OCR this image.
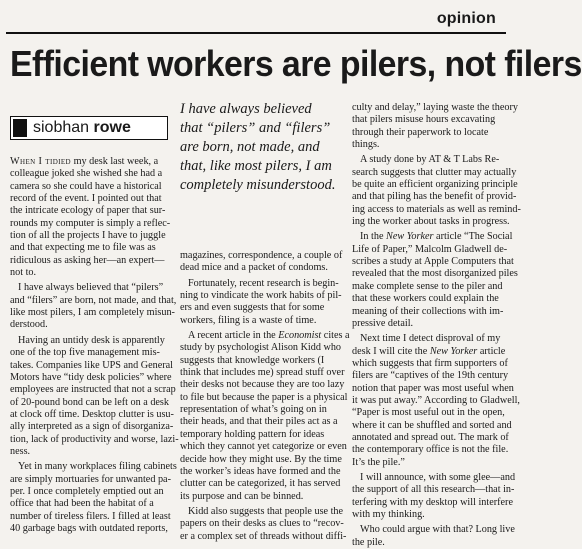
opinion
Efficient workers are pilers, not filers
siobhan rowe
I have always believed
that “pilers” and “filers”
are born, not made, and
that, like most pilers, I am
completely misunderstood.
When I tidied my desk last week, a
colleague joked she wished she had a
camera so she could have a historical
record of the event. I pointed out that
the intricate ecology of paper that sur-
rounds my computer is simply a reflec-
tion of all the projects I have to juggle
and that expecting me to file was as
ridiculous as asking her—an expert—
not to.
I have always believed that “pilers”
and “filers” are born, not made, and that,
like most pilers, I am completely misun-
derstood.
Having an untidy desk is apparently
one of the top five management mis-
takes. Companies like UPS and General
Motors have “tidy desk policies” where
employees are instructed that not a scrap
of 20-pound bond can be left on a desk
at clock off time. Desktop clutter is usu-
ally interpreted as a sign of disorganiza-
tion, lack of productivity and worse, lazi-
ness.
Yet in many workplaces filing cabinets
are simply mortuaries for unwanted pa-
per. I once completely emptied out an
office that had been the habitat of a
number of tireless filers. I filled at least
40 garbage bags with outdated reports,
magazines, correspondence, a couple of
dead mice and a packet of condoms.
Fortunately, recent research is begin-
ning to vindicate the work habits of pil-
ers and even suggests that for some
workers, filing is a waste of time.
A recent article in the Economist cites a
study by psychologist Alison Kidd who
suggests that knowledge workers (I
think that includes me) spread stuff over
their desks not because they are too lazy
to file but because the paper is a physical
representation of what’s going on in
their heads, and that their piles act as a
temporary holding pattern for ideas
which they cannot yet categorize or even
decide how they might use. By the time
the worker’s ideas have formed and the
clutter can be categorized, it has served
its purpose and can be binned.
Kidd also suggests that people use the
papers on their desks as clues to “recov-
er a complex set of threads without diffi-
culty and delay,” laying waste the theory
that pilers misuse hours excavating
through their paperwork to locate
things.
A study done by AT & T Labs Re-
search suggests that clutter may actually
be quite an efficient organizing principle
and that piling has the benefit of provid-
ing access to materials as well as remind-
ing the worker about tasks in progress.
In the New Yorker article “The Social
Life of Paper,” Malcolm Gladwell de-
scribes a study at Apple Computers that
revealed that the most disorganized piles
make complete sense to the piler and
that these workers could explain the
meaning of their collections with im-
pressive detail.
Next time I detect disproval of my
desk I will cite the New Yorker article
which suggests that firm supporters of
filers are “captives of the 19th century
notion that paper was most useful when
it was put away.” According to Gladwell,
“Paper is most useful out in the open,
where it can be shuffled and sorted and
annotated and spread out. The mark of
the contemporary office is not the file.
It’s the pile.”
I will announce, with some glee—and
the support of all this research—that in-
terfering with my desktop will interfere
with my thinking.
Who could argue with that? Long live
the pile.
